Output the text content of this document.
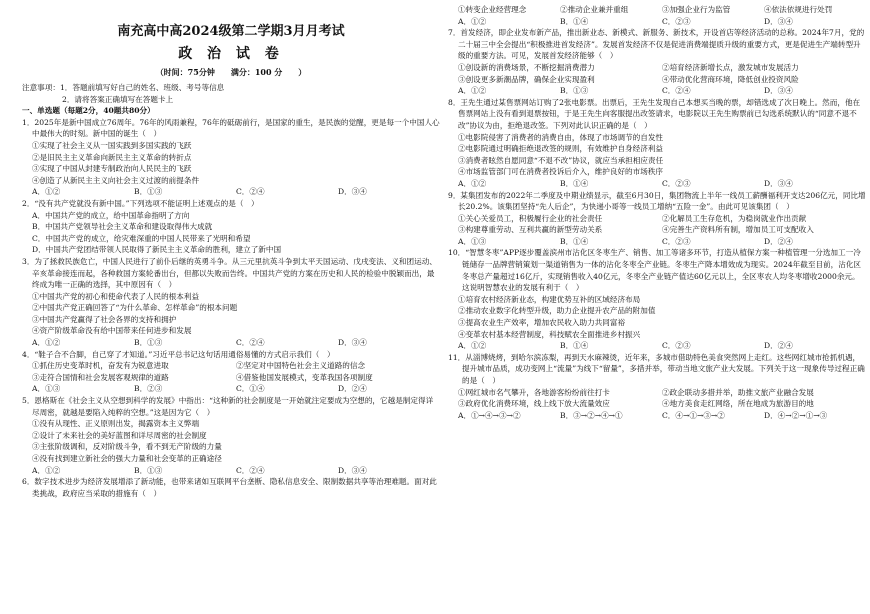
南充高中高2024级第二学期3月月考试
政 治 试 卷
（时间：75分钟　　满分：100 分　　）
注意事项：1．答题前填写好自己的姓名、班级、考号等信息
2．请将答案正确填写在答题卡上
一、单选题（每题2分，40题共80分）
1．2025年是新中国成立76周年。76年的风雨兼程，76年的砥砺前行，是国家的重生，是民族的觉醒，更是每一个中国人心中最伟大的时刻。新中国的诞生（　）
①实现了社会主义从一国实践到多国实践的飞跃
②是旧民主主义革命向新民主主义革命的转折点
③实现了中国从封建专制政治向人民民主的飞跃
④创造了从新民主主义向社会主义过渡的前提条件
A．①②	B．①③	C．②④	D．③④
2．“没有共产党就没有新中国。”下列选项不能证明上述观点的是（　）
A．中国共产党的成立，给中国革命指明了方向
B．中国共产党领导社会主义革命和建设取得伟大成就
C．中国共产党的成立，给灾难深重的中国人民带来了光明和希望
D．中国共产党团结带领人民取得了新民主主义革命的胜利，建立了新中国
3．为了拯救民族危亡，中国人民进行了前仆后继的英勇斗争。从三元里抗英斗争到太平天国运动、戊戌变法、义和团运动、辛亥革命接连而起，各种救国方案轮番出台，但都以失败而告终。中国共产党的方案在历史和人民的检验中脱颖而出，最终成为唯一正确的选择，其中原因有（　）
①中国共产党的初心和使命代表了人民的根本利益
②中国共产党正确回答了“为什么革命、怎样革命”的根本问题
③中国共产党赢得了社会各界的支持和拥护
④资产阶级革命没有给中国带来任何进步和发展
A．①②	B．①③	C．②④	D．③④
4．“鞋子合不合脚，自己穿了才知道。”习近平总书记这句话用通俗易懂的方式启示我们（　）
①抓住历史变革时机，奋发有为锐意进取	②坚定对中国特色社会主义道路的信念
③走符合国情和社会发展客观规律的道路	④借鉴他国发展模式，变革我国各项制度
A．①③	B．②③	C．①④	D．②④
5．恩格斯在《社会主义从空想到科学的发展》中指出：“这种新的社会制度是一开始就注定要成为空想的，它越是制定得详尽周密，就越是要陷入纯粹的空想。”这是因为它（　）
①没有从现性、正义原则出发，揭露资本主义弊端
②设计了未来社会的美好蓝图和详尽周密的社会制度
③主张阶级调和，反对阶级斗争，看不到无产阶级的力量
④没有找到建立新社会的强大力量和社会变革的正确途径
A．①②	B．①③	C．②④	D．③④
6．数字技术进步为经济发展增添了新动能，也带来诸如互联网平台垄断、隐私信息安全、限制数据共享等治理难题。面对此类挑战，政府应当采取的措施有（　）
①转变企业经营理念	②推动企业兼并重组	③加强企业行为监管	④依法依规进行处罚
A．①②	B．①④	C．②③	D．③④
7．首发经济，即企业发布新产品，推出新业态、新模式、新服务、新技术，开设首店等经济活动的总称。2024年7月，党的二十届三中全会提出“积极推进首发经济”。发展首发经济不仅是促进消费端提质升级的重要方式，更是促进生产端转型升级的重要方法。可见，发展首发经济能够（　）
①创设新的消费场景，不断挖掘消费潜力	②培育经济新增长点，激发城市发展活力
③创设更多新潮品牌，确保企业实现盈利	④带动优化营商环境，降低创业投资风险
A．①②	B．①③	C．②④	D．③④
8．王先生通过某售票网站订购了2张电影票。出票后，王先生发现自己本想买当晚的票，却错选成了次日晚上。然而，他在售票网站上没有看到退票按钮，于是王先生向客服提出改签请求，电影院以王先生购票前已勾选系统默认的“同意不退不改”协议为由，拒绝退改签。下列对此认识正确的是（　）
①电影院侵害了消费者的消费自由，体现了市场调节的自发性
②电影院通过明确拒绝退改签的规则，有效维护自身经济利益
③消费者眩然自愿同意“不退不改”协议，就应当承担相应责任
④市场监管部门可在消费者投诉后介入，维护良好的市场秩序
A．①②	B．①④	C．②③	D．③④
9．某集团发布的2022年二季度及中期业绩显示，截至6月30日，集团物流上半年一线员工薪酬福利开支达206亿元，同比增长20.2%。该集团坚持“先人后企”，为快递小哥等一线员工增纳“五险一金”。由此可见该集团（　）
①关心关爱员工，积极履行企业的社会责任	②化解员工生存危机，为稳岗就业作出贡献
③构建尊重劳动、互利共赢的新型劳动关系	④完善生产资料所有制，增加员工可支配收入
A．①③	B．①④	C．②③	D．②④
10．“智慧冬枣”APP逐步覆盖滨州市沾化区冬枣生产、销售、加工等诸多环节，打造从植保方案一种植管理一分选加工一冷链储存一品牌营销策划一渠道销售为一体的沾化冬枣全产业链。冬枣生产降本增效成为现实。2024年截至目前，沾化区冬枣总产量超过16亿斤，实现销售收入40亿元，冬枣全产业链产值达60亿元以上，全区枣农人均冬枣增收2000余元。这说明智慧农业的发展有利于（　）
①培育农村经济新业态，构建优势互补的区域经济布局
②推动农业数字化转型升级，助力企业提升农产品的附加值
③提高农业生产效率，增加农民收入助力共同富裕
④变革农村基本经营制度，科技赋农全面推进乡村振兴
A．①②	B．①④	C．②③	D．②④
11．从淄博烧烤，到哈尔滨冻梨，再到天水麻辣烫，近年来，多城市借助特色美食突然网上走红。这些网红城市抢抓机遇，提升城市品质，成功变网上“流量”为线下“留量”，多措并举，带动当地文旅产业大发展。下列关于这一现象传导过程正确的是（　）
①网红城市名气攀升，各地游客纷纷前往打卡	②政企联动多措并举，助推文旅产业融合发展
③政府优化消费环境，线上线下放大流量效应	④地方美食走红网络，所在地成为旅游目的地
A．①→④→③→②	B．③→②→④→①	C．④→①→③→②	D．④→②→①→③
